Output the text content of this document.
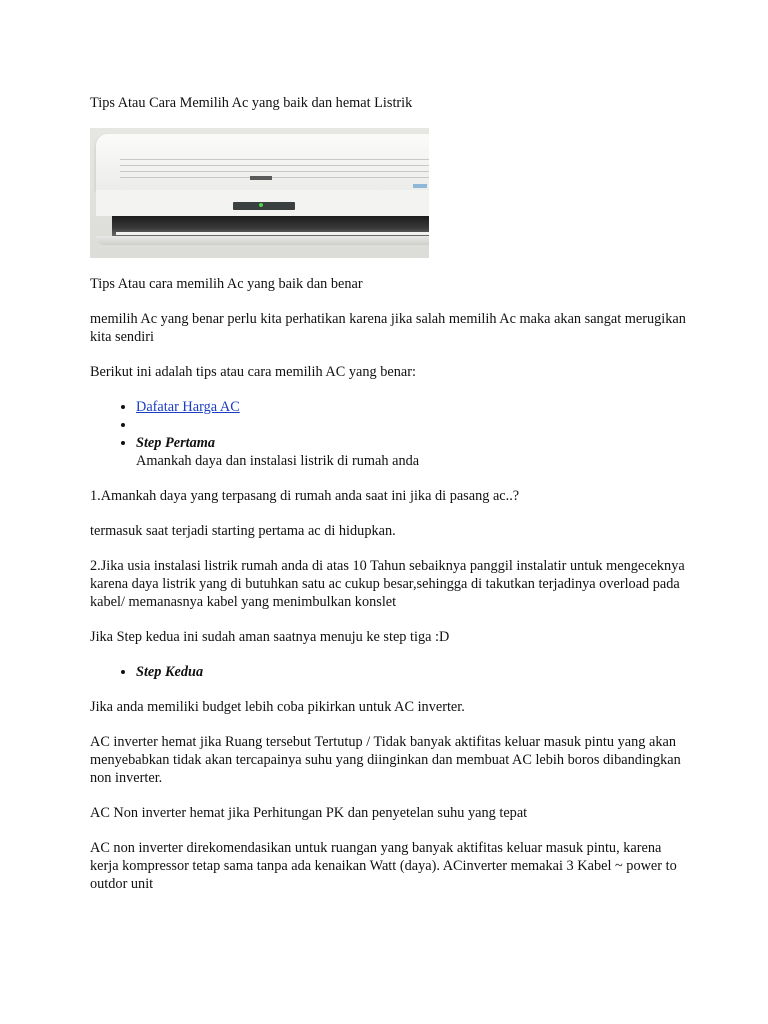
Tips Atau Cara Memilih Ac yang baik dan hemat Listrik

Tips Atau cara memilih Ac yang baik dan benar

memilih Ac yang benar perlu kita perhatikan karena jika salah memilih Ac maka akan sangat merugikan kita sendiri

Berikut ini adalah tips atau cara memilih AC yang benar:

• Dafatar Harga AC
•
• Step Pertama
Amankah daya dan instalasi listrik di rumah anda

1.Amankah daya yang terpasang di rumah anda saat ini jika di pasang ac..?

termasuk saat terjadi starting pertama ac di hidupkan.

2.Jika usia instalasi listrik rumah anda di atas 10 Tahun sebaiknya panggil instalatir untuk mengeceknya karena daya listrik yang di butuhkan satu ac cukup besar,sehingga di takutkan terjadinya overload pada kabel/ memanasnya kabel yang menimbulkan konslet

Jika Step kedua ini sudah aman saatnya menuju ke step tiga :D

• Step Kedua

Jika anda memiliki budget lebih coba pikirkan untuk AC inverter.

AC inverter hemat jika Ruang tersebut Tertutup / Tidak banyak aktifitas keluar masuk pintu yang akan menyebabkan tidak akan tercapainya suhu yang diinginkan dan membuat AC lebih boros dibandingkan non inverter.

AC Non inverter hemat jika Perhitungan PK dan penyetelan suhu yang tepat

AC non inverter direkomendasikan untuk ruangan yang banyak aktifitas keluar masuk pintu, karena kerja kompressor tetap sama tanpa ada kenaikan Watt (daya). ACinverter memakai 3 Kabel ~ power to outdor unit
